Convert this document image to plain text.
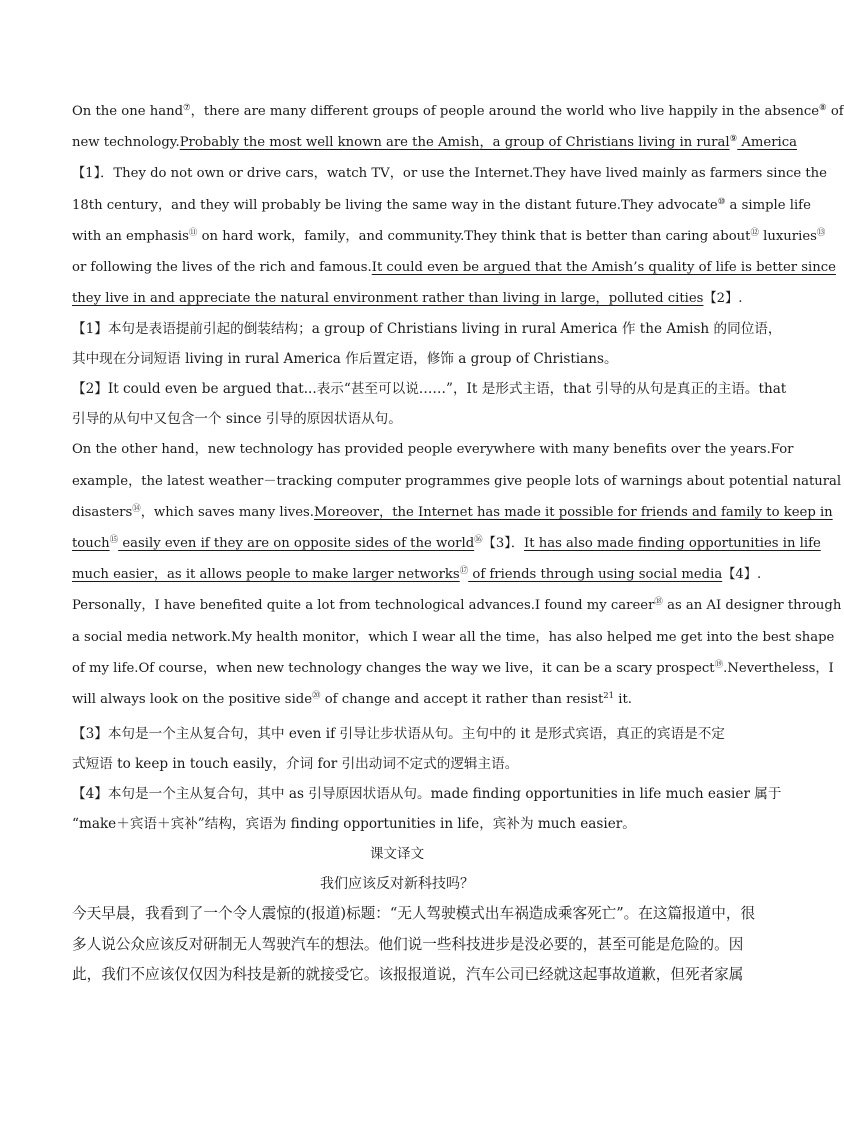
On the one hand⑦，there are many different groups of people around the world who live happily in the absence⑧ of
new technology.Probably the most well known are the Amish，a group of Christians living in rural⑨ America
【1】．They do not own or drive cars，watch TV，or use the Internet.They have lived mainly as farmers since the
18th century，and they will probably be living the same way in the distant future.They advocate⑩ a simple life
with an emphasis⑪ on hard work，family，and community.They think that is better than caring about⑫ luxuries⑬
or following the lives of the rich and famous.It could even be argued that the Amish’s quality of life is better since
they live in and appreciate the natural environment rather than living in large，polluted cities【2】.
【1】本句是表语提前引起的倒装结构；a group of Christians living in rural America 作 the Amish 的同位语，
其中现在分词短语 living in rural America 作后置定语，修饰 a group of Christians。
【2】It could even be argued that...表示“甚至可以说……”，It 是形式主语，that 引导的从句是真正的主语。that
引导的从句中又包含一个 since 引导的原因状语从句。
On the other hand，new technology has provided people everywhere with many benefits over the years.For
example，the latest weather－tracking computer programmes give people lots of warnings about potential natural
disasters⑭，which saves many lives.Moreover，the Internet has made it possible for friends and family to keep in
touch⑮ easily even if they are on opposite sides of the world⑯【3】．It has also made finding opportunities in life
much easier，as it allows people to make larger networks⑰ of friends through using social media【4】.
Personally，I have benefited quite a lot from technological advances.I found my career⑱ as an AI designer through
a social media network.My health monitor，which I wear all the time，has also helped me get into the best shape
of my life.Of course，when new technology changes the way we live，it can be a scary prospect⑲.Nevertheless，I
will always look on the positive side⑳ of change and accept it rather than resist$^{21}$ it.
【3】本句是一个主从复合句，其中 even if 引导让步状语从句。主句中的 it 是形式宾语，真正的宾语是不定
式短语 to keep in touch easily，介词 for 引出动词不定式的逻辑主语。
【4】本句是一个主从复合句，其中 as 引导原因状语从句。made finding opportunities in life much easier 属于
“make＋宾语＋宾补”结构，宾语为 finding opportunities in life，宾补为 much easier。
课文译文
我们应该反对新科技吗？
今天早晨，我看到了一个令人震惊的(报道)标题：“无人驾驶模式出车祸造成乘客死亡”。在这篇报道中，很
多人说公众应该反对研制无人驾驶汽车的想法。他们说一些科技进步是没必要的，甚至可能是危险的。因
此，我们不应该仅仅因为科技是新的就接受它。该报报道说，汽车公司已经就这起事故道歉，但死者家属
